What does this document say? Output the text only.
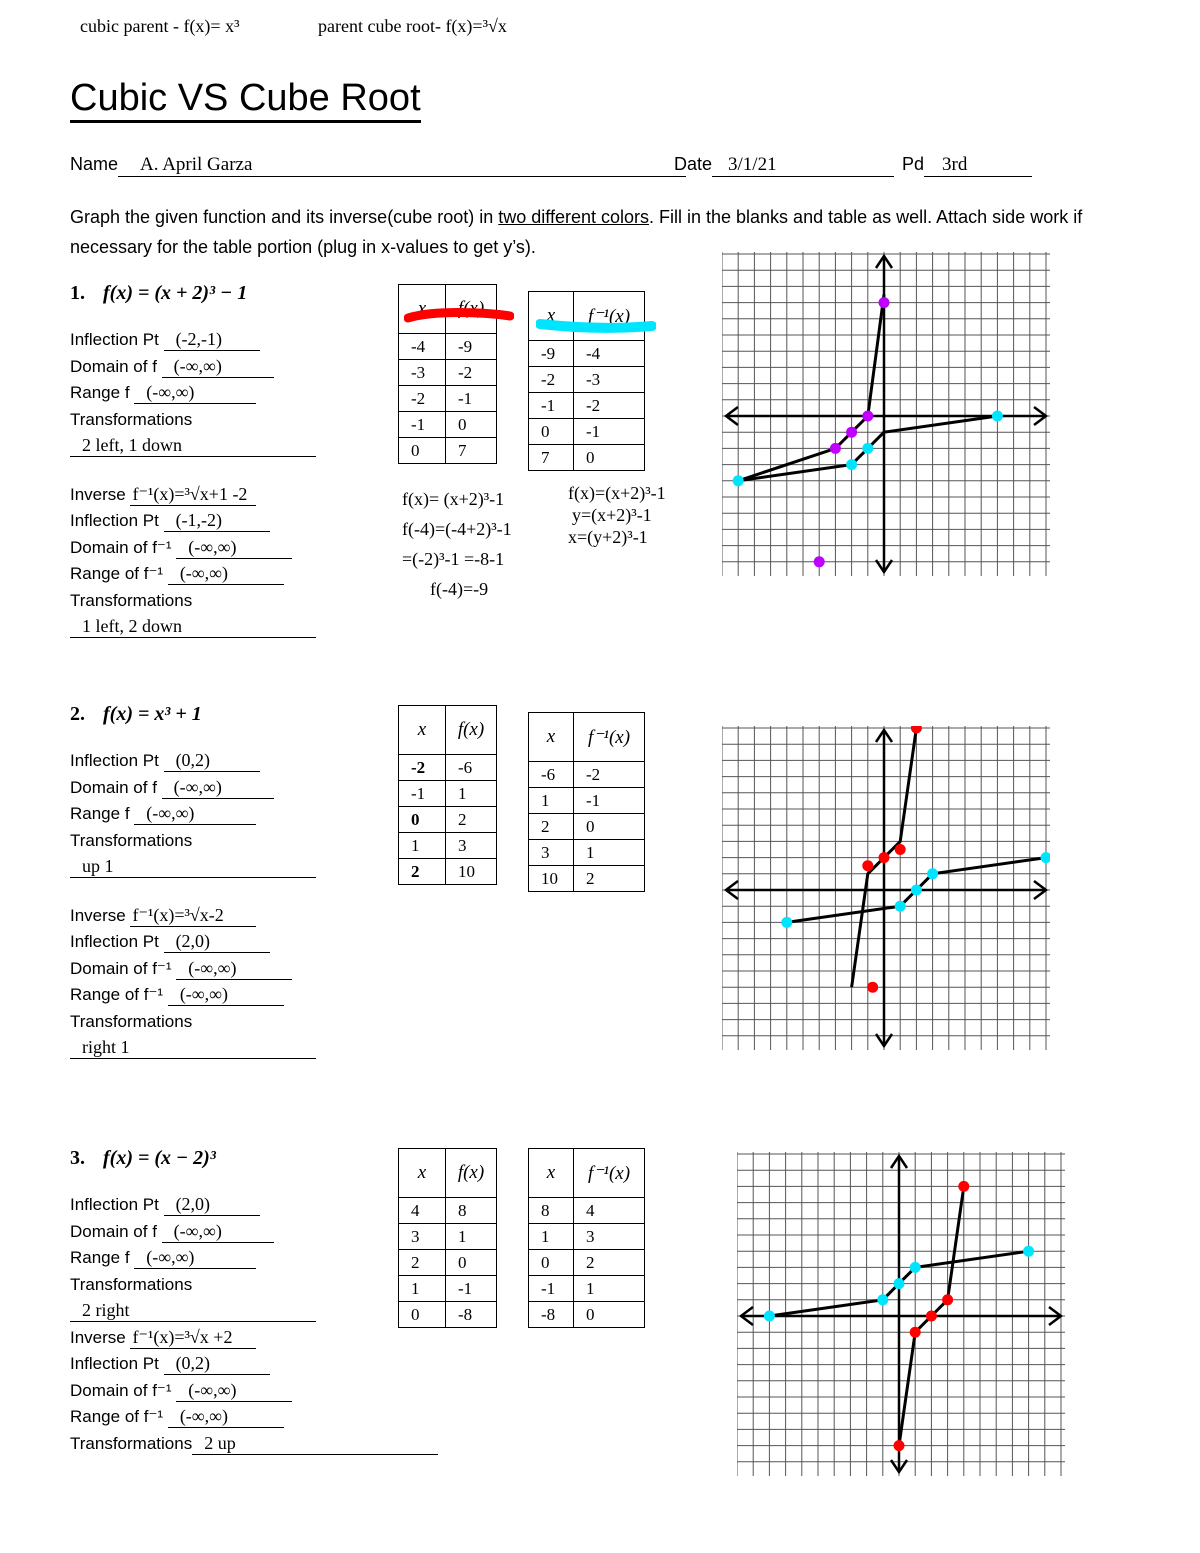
cubic parent - f(x)= x³	parent cube root- f(x)=³√x
Cubic VS Cube Root
Name A. April Garza	Date 3/1/21	Pd 3rd
Graph the given function and its inverse(cube root) in two different colors. Fill in the blanks and table as well. Attach side work if necessary for the table portion (plug in x-values to get y’s).
1. f(x) = (x + 2)³ − 1
Inflection Pt (-2,-1)
Domain of f (-∞,∞)
Range f (-∞,∞)
Transformations
2 left, 1 down
Inverse f⁻¹(x)=³√x+1 -2
Inflection Pt (-1,-2)
Domain of f⁻¹ (-∞,∞)
Range of f⁻¹ (-∞,∞)
Transformations
1 left, 2 down
x	f(x)
-4	-9
-3	-2
-2	-1
-1	0
0	7
x	f⁻¹(x)
-9	-4
-2	-3
-1	-2
0	-1
7	0
f(x)= (x+2)³-1
f(-4)=(-4+2)³-1
=(-2)³-1 =-8-1
f(-4)=-9
f(x)=(x+2)³-1
y=(x+2)³-1
x=(y+2)³-1
2. f(x) = x³ + 1
Inflection Pt (0,2)
Domain of f (-∞,∞)
Range f (-∞,∞)
Transformations
up 1
Inverse f⁻¹(x)=³√x-2
Inflection Pt (2,0)
Domain of f⁻¹ (-∞,∞)
Range of f⁻¹ (-∞,∞)
Transformations
right 1
x	f(x)
-2	-6
-1	1
0	2
1	3
2	10
x	f⁻¹(x)
-6	-2
1	-1
2	0
3	1
10	2
3. f(x) = (x − 2)³
Inflection Pt (2,0)
Domain of f (-∞,∞)
Range f (-∞,∞)
Transformations
2 right
Inverse f⁻¹(x)=³√x +2
Inflection Pt (0,2)
Domain of f⁻¹ (-∞,∞)
Range of f⁻¹ (-∞,∞)
Transformations 2 up
x	f(x)
4	8
3	1
2	0
1	-1
0	-8
x	f⁻¹(x)
8	4
1	3
0	2
-1	1
-8	0
